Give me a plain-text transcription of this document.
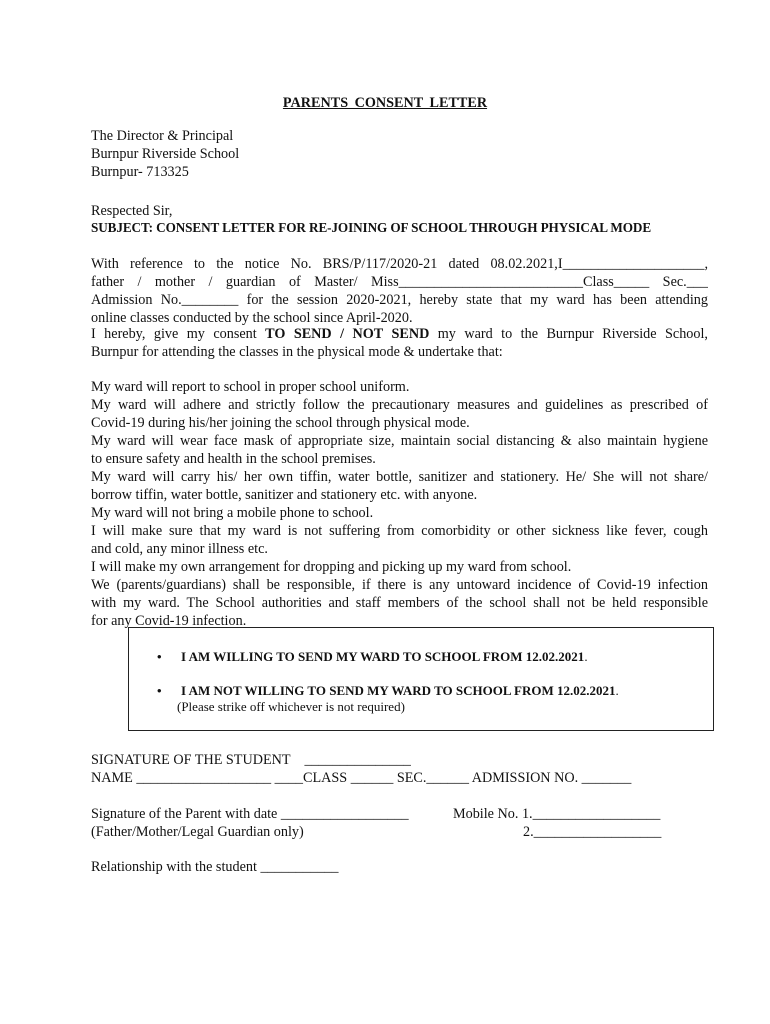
PARENTS CONSENT LETTER
The Director & Principal
Burnpur Riverside School
Burnpur- 713325
Respected Sir,
SUBJECT: CONSENT LETTER FOR RE-JOINING OF SCHOOL THROUGH PHYSICAL MODE
With reference to the notice No. BRS/P/117/2020-21 dated 08.02.2021,I____________________,
father / mother / guardian of Master/ Miss__________________________Class_____ Sec.___
Admission No.________ for the session 2020-2021, hereby state that my ward has been attending
online classes conducted by the school since April-2020.
I hereby, give my consent TO SEND / NOT SEND my ward to the Burnpur Riverside School,
Burnpur for attending the classes in the physical mode & undertake that:
My ward will report to school in proper school uniform.
My ward will adhere and strictly follow the precautionary measures and guidelines as prescribed of
Covid-19 during his/her joining the school through physical mode.
My ward will wear face mask of appropriate size, maintain social distancing & also maintain hygiene
to ensure safety and health in the school premises.
My ward will carry his/ her own tiffin, water bottle, sanitizer and stationery. He/ She will not share/
borrow tiffin, water bottle, sanitizer and stationery etc. with anyone.
My ward will not bring a mobile phone to school.
I will make sure that my ward is not suffering from comorbidity or other sickness like fever, cough
and cold, any minor illness etc.
I will make my own arrangement for dropping and picking up my ward from school.
We (parents/guardians) shall be responsible, if there is any untoward incidence of Covid-19 infection
with my ward. The School authorities and staff members of the school shall not be held responsible
for any Covid-19 infection.
• I AM WILLING TO SEND MY WARD TO SCHOOL FROM 12.02.2021.
• I AM NOT WILLING TO SEND MY WARD TO SCHOOL FROM 12.02.2021.
(Please strike off whichever is not required)
SIGNATURE OF THE STUDENT    _______________
NAME ___________________ ____CLASS ______ SEC.______ ADMISSION NO. _______
Signature of the Parent with date __________________
(Father/Mother/Legal Guardian only)
Mobile No. 1.__________________
2.__________________
Relationship with the student ___________
